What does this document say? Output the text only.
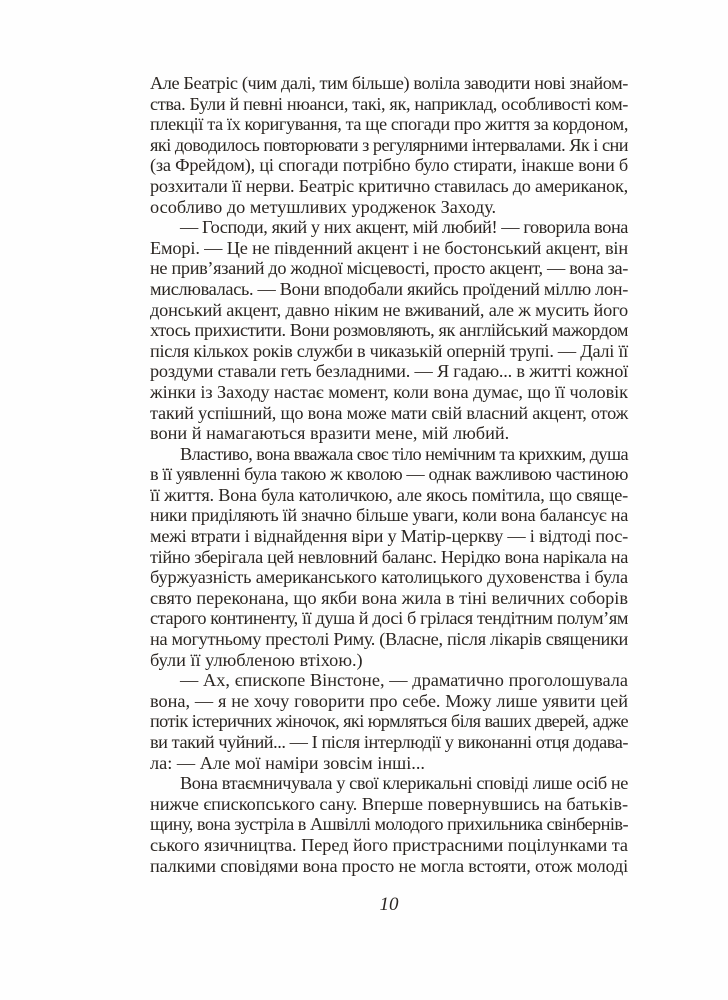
Але Беатріс (чим далі, тим більше) воліла заводити нові знайом-
ства. Були й певні нюанси, такі, як, наприклад, особливості ком-
плекції та їх коригування, та ще спогади про життя за кордоном,
які доводилось повторювати з регулярними інтервалами. Як і сни
(за Фрейдом), ці спогади потрібно було стирати, інакше вони б
розхитали її нерви. Беатріс критично ставилась до американок,
особливо до метушливих уродженок Заходу.
— Господи, який у них акцент, мій любий! — говорила вона
Еморі. — Це не південний акцент і не бостонський акцент, він
не прив’язаний до жодної місцевості, просто акцент, — вона за-
мислювалась. — Вони вподобали якийсь проїдений міллю лон-
донський акцент, давно ніким не вживаний, але ж мусить його
хтось прихистити. Вони розмовляють, як англійський мажордом
після кількох років служби в чиказькій оперній трупі. — Далі її
роздуми ставали геть безладними. — Я гадаю... в житті кожної
жінки із Заходу настає момент, коли вона думає, що її чоловік
такий успішний, що вона може мати свій власний акцент, отож
вони й намагаються вразити мене, мій любий.
Властиво, вона вважала своє тіло немічним та крихким, душа
в її уявленні була такою ж кволою — однак важливою частиною
її життя. Вона була католичкою, але якось помітила, що свяще-
ники приділяють їй значно більше уваги, коли вона балансує на
межі втрати і віднайдення віри у Матір-церкву — і відтоді пос-
тійно зберігала цей невловний баланс. Нерідко вона нарікала на
буржуазність американського католицького духовенства і була
свято переконана, що якби вона жила в тіні величних соборів
старого континенту, її душа й досі б грілася тендітним полум’ям
на могутньому престолі Риму. (Власне, після лікарів священики
були її улюбленою втіхою.)
— Ах, єпископе Вінстоне, — драматично проголошувала
вона, — я не хочу говорити про себе. Можу лише уявити цей
потік істеричних жіночок, які юрмляться біля ваших дверей, адже
ви такий чуйний... — І після інтерлюдії у виконанні отця додава-
ла: — Але мої наміри зовсім інші...
Вона втаємничувала у свої клерикальні сповіді лише осіб не
нижче єпископського сану. Вперше повернувшись на батьків-
щину, вона зустріла в Ашвіллі молодого прихильника свінбернів-
ського язичництва. Перед його пристрасними поцілунками та
палкими сповідями вона просто не могла встояти, отож молоді
10
